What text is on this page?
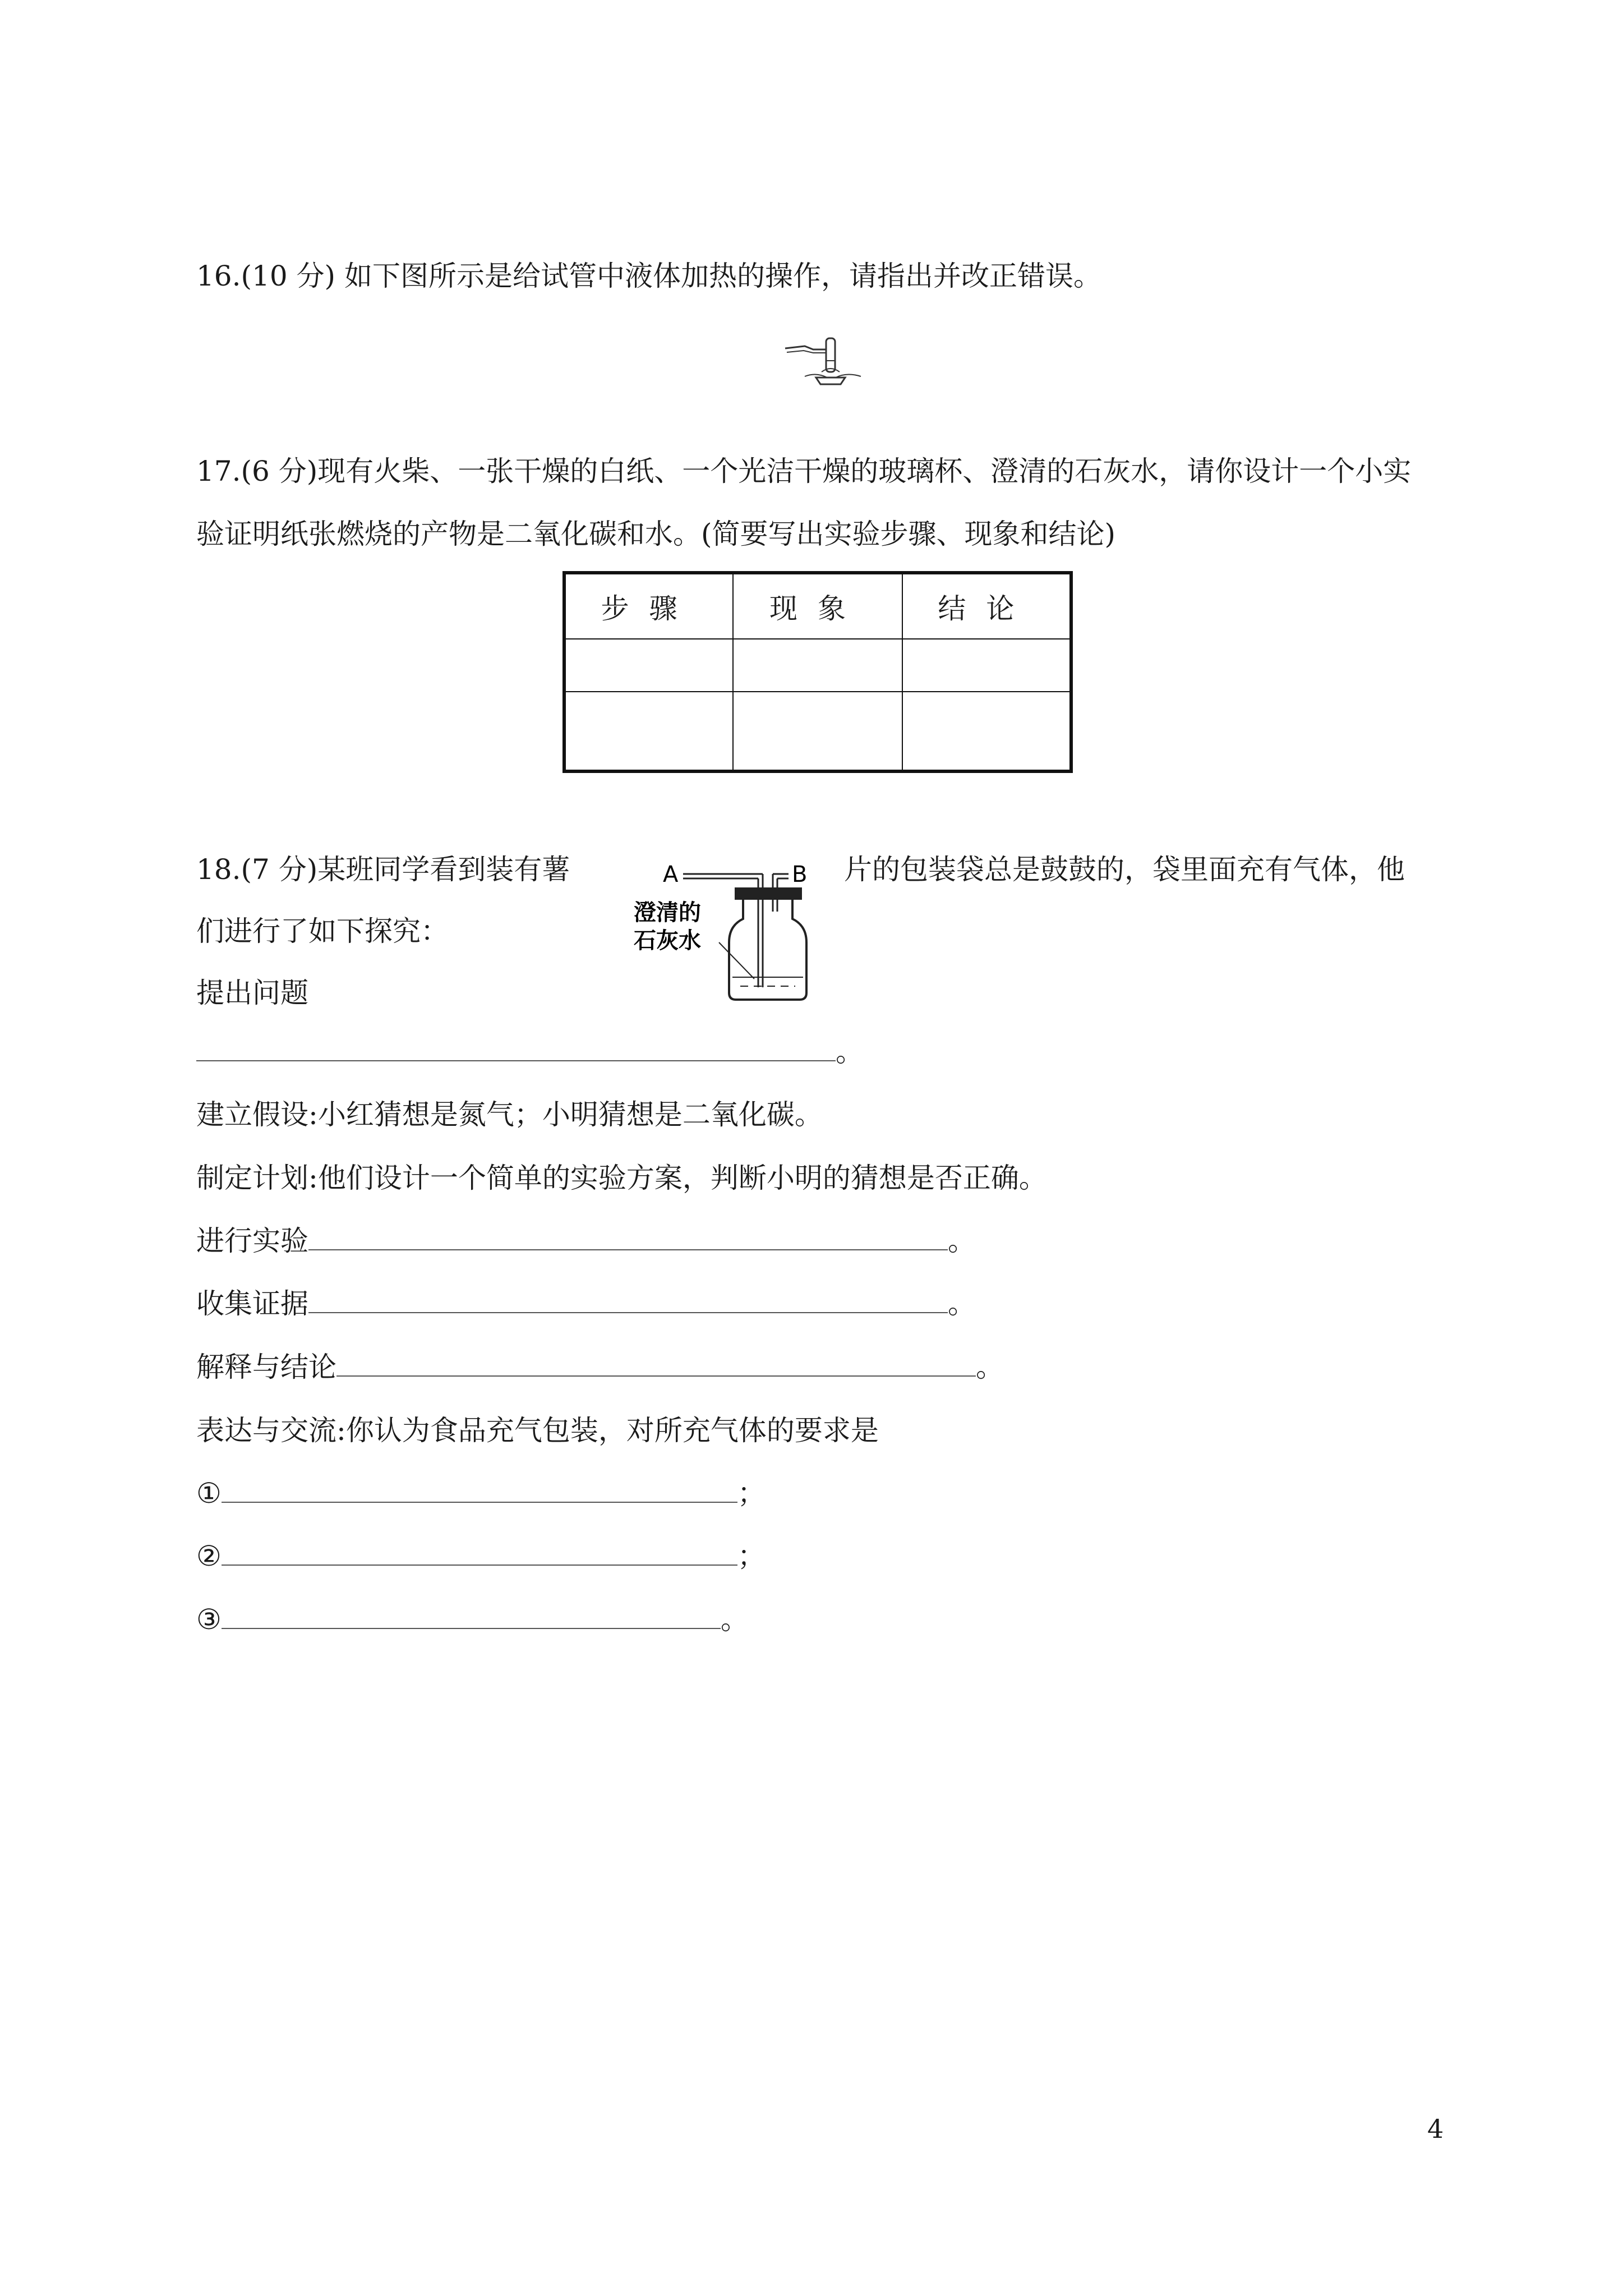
16.(10 分) 如下图所示是给试管中液体加热的操作，请指出并改正错误。
17.(6 分)现有火柴、一张干燥的白纸、一个光洁干燥的玻璃杯、澄清的石灰水，请你设计一个小实
验证明纸张燃烧的产物是二氧化碳和水。(简要写出实验步骤、现象和结论)
步骤	现象	结论

18.(7 分)某班同学看到装有薯	片的包装袋总是鼓鼓的，袋里面充有气体，他
们进行了如下探究：
A	B
澄清的
石灰水
提出问题
。
建立假设:小红猜想是氮气；小明猜想是二氧化碳。
制定计划:他们设计一个简单的实验方案，判断小明的猜想是否正确。
进行实验	。
收集证据	。
解释与结论	。
表达与交流:你认为食品充气包装，对所充气体的要求是
①	；
②	；
③	。
4
